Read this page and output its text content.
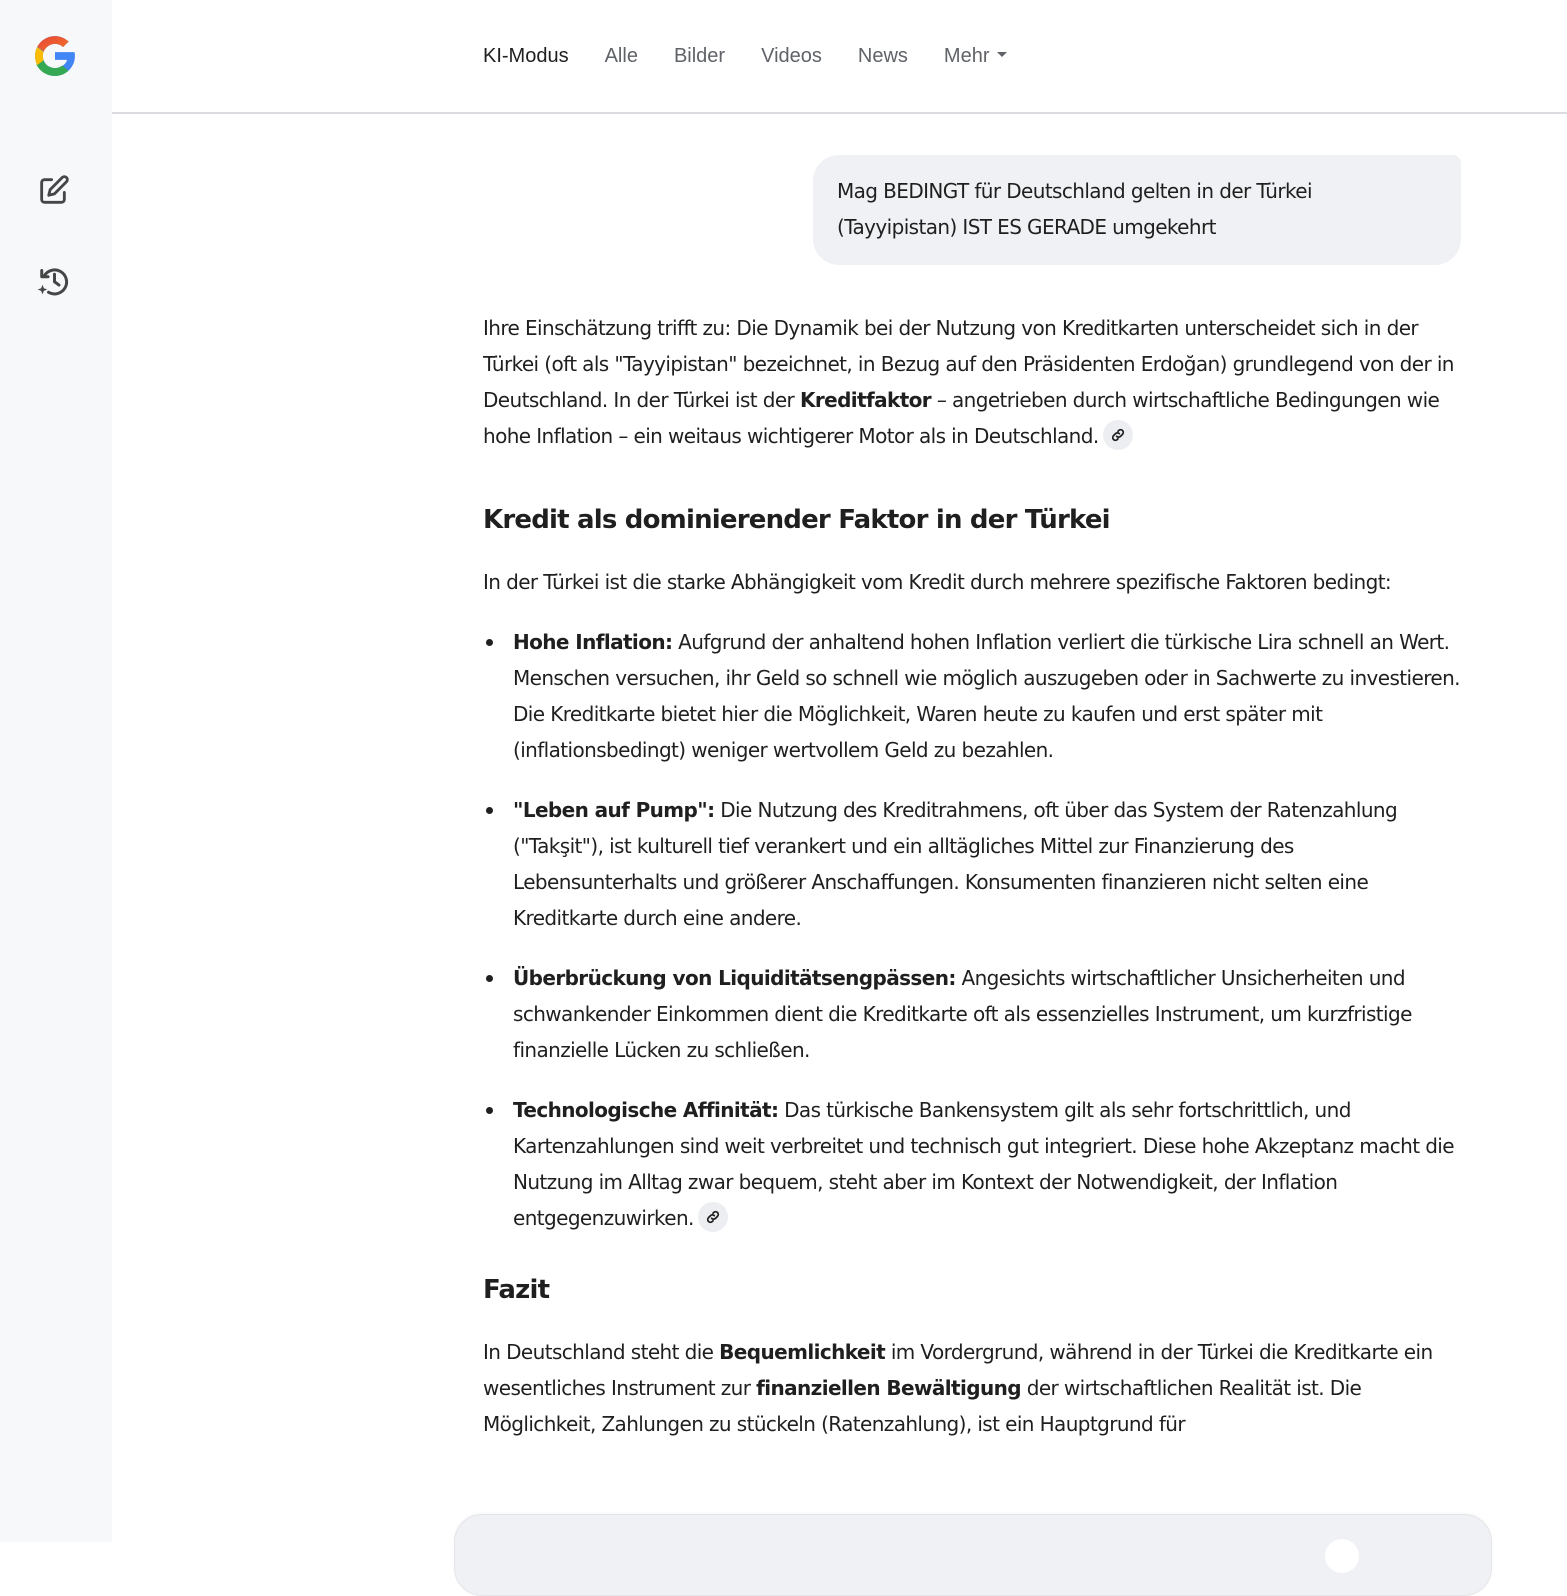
KI-Modus Alle Bilder Videos News Mehr
Mag BEDINGT für Deutschland gelten in der Türkei (Tayyipistan) IST ES GERADE umgekehrt

Ihre Einschätzung trifft zu: Die Dynamik bei der Nutzung von Kreditkarten unterscheidet sich in der Türkei (oft als "Tayyipistan" bezeichnet, in Bezug auf den Präsidenten Erdoğan) grundlegend von der in Deutschland. In der Türkei ist der Kreditfaktor – angetrieben durch wirtschaftliche Bedingungen wie hohe Inflation – ein weitaus wichtigerer Motor als in Deutschland.

Kredit als dominierender Faktor in der Türkei

In der Türkei ist die starke Abhängigkeit vom Kredit durch mehrere spezifische Faktoren bedingt:

Hohe Inflation: Aufgrund der anhaltend hohen Inflation verliert die türkische Lira schnell an Wert. Menschen versuchen, ihr Geld so schnell wie möglich auszugeben oder in Sachwerte zu investieren. Die Kreditkarte bietet hier die Möglichkeit, Waren heute zu kaufen und erst später mit (inflationsbedingt) weniger wertvollem Geld zu bezahlen.
"Leben auf Pump": Die Nutzung des Kreditrahmens, oft über das System der Ratenzahlung ("Takşit"), ist kulturell tief verankert und ein alltägliches Mittel zur Finanzierung des Lebensunterhalts und größerer Anschaffungen. Konsumenten finanzieren nicht selten eine Kreditkarte durch eine andere.
Überbrückung von Liquiditätsengpässen: Angesichts wirtschaftlicher Unsicherheiten und schwankender Einkommen dient die Kreditkarte oft als essenzielles Instrument, um kurzfristige finanzielle Lücken zu schließen.
Technologische Affinität: Das türkische Bankensystem gilt als sehr fortschrittlich, und Kartenzahlungen sind weit verbreitet und technisch gut integriert. Diese hohe Akzeptanz macht die Nutzung im Alltag zwar bequem, steht aber im Kontext der Notwendigkeit, der Inflation entgegenzuwirken.
Fazit

In Deutschland steht die Bequemlichkeit im Vordergrund, während in der Türkei die Kreditkarte ein wesentliches Instrument zur finanziellen Bewältigung der wirtschaftlichen Realität ist. Die Möglichkeit, Zahlungen zu stückeln (Ratenzahlung), ist ein Hauptgrund für
